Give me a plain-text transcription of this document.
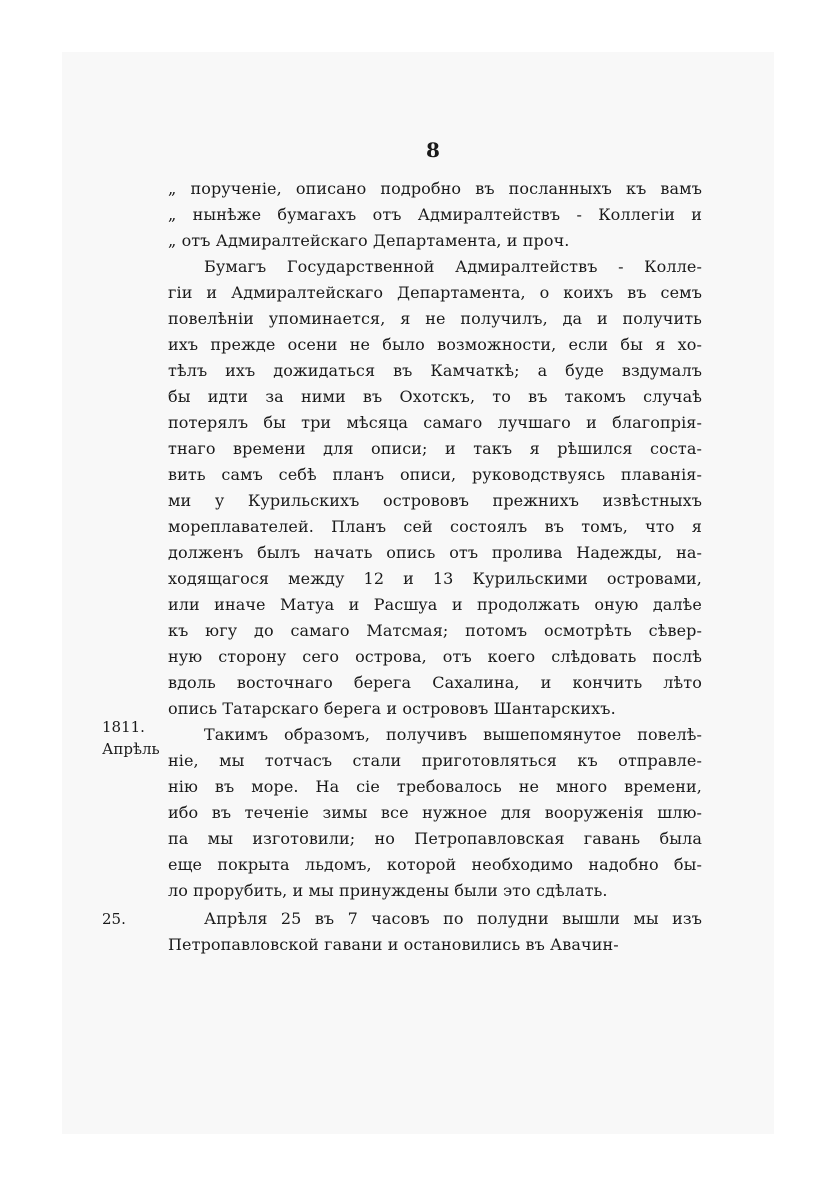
8
„ порученіе, описано подробно въ посланныхъ къ вамъ
„ нынѣже бумагахъ отъ Адмиралтействъ - Коллегіи и
„ отъ Адмиралтейскаго Департамента, и проч.
Бумагъ Государственной Адмиралтействъ - Колле-
гіи и Адмиралтейскаго Департамента, о коихъ въ семъ
повелѣніи упоминается, я не получилъ, да и получить
ихъ прежде осени не было возможности, если бы я хо-
тѣлъ ихъ дожидаться въ Камчаткѣ; а буде вздумалъ
бы идти за ними въ Охотскъ, то въ такомъ случаѣ
потерялъ бы три мѣсяца самаго лучшаго и благопрія-
тнаго времени для описи; и такъ я рѣшился соста-
вить самъ себѣ планъ описи, руководствуясь плаванія-
ми у Курильскихъ острововъ прежнихъ извѣстныхъ
мореплавателей. Планъ сей состоялъ въ томъ, что я
долженъ былъ начать опись отъ пролива Надежды, на-
ходящагося между 12 и 13 Курильскими островами,
или иначе Матуа и Расшуа и продолжать оную далѣе
къ югу до самаго Матсмая; потомъ осмотрѣть сѣвер-
ную сторону сего острова, отъ коего слѣдовать послѣ
вдоль восточнаго берега Сахалина, и кончить лѣто
опись Татарскаго берега и острововъ Шантарскихъ.
Такимъ образомъ, получивъ вышепомянутое повелѣ-
ніе, мы тотчасъ стали приготовляться къ отправле-
нію въ море. На сіе требовалось не много времени,
ибо въ теченіе зимы все нужное для вооруженія шлю-
па мы изготовили; но Петропавловская гавань была
еще покрыта льдомъ, которой необходимо надобно бы-
ло прорубить, и мы принуждены были это сдѣлать.
Апрѣля 25 въ 7 часовъ по полудни вышли мы изъ
Петропавловской гавани и остановились въ Авачин-
1811.
Апрѣль
25.
